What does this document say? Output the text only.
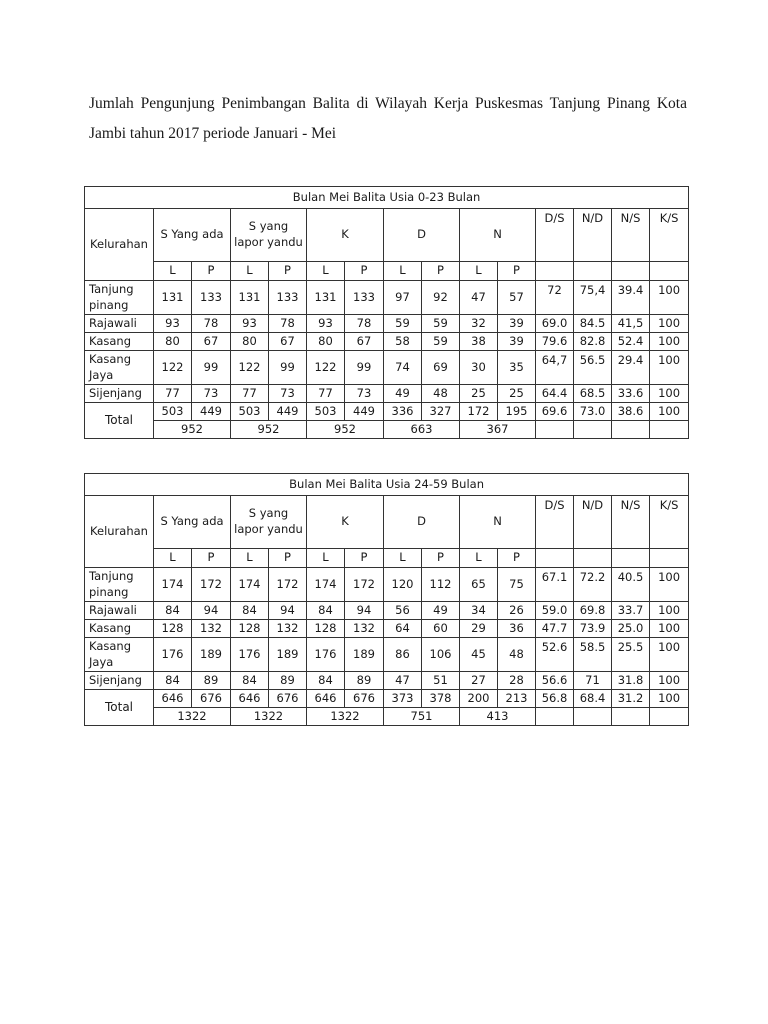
Jumlah Pengunjung Penimbangan Balita di Wilayah Kerja Puskesmas Tanjung Pinang Kota
Jambi tahun 2017 periode Januari - Mei
Bulan Mei Balita Usia 0-23 Bulan														
Kelurahan	S Yang ada		S yang lapor yandu		K		D		N		D/S	N/D	N/S	K/S
	L	P	L	P	L	P	L	P	L	P				
Tanjung pinang	131	133	131	133	131	133	97	92	47	57	72	75,4	39.4	100
Rajawali	93	78	93	78	93	78	59	59	32	39	69.0	84.5	41,5	100
Kasang	80	67	80	67	80	67	58	59	38	39	79.6	82.8	52.4	100
Kasang Jaya	122	99	122	99	122	99	74	69	30	35	64,7	56.5	29.4	100
Sijenjang	77	73	77	73	77	73	49	48	25	25	64.4	68.5	33.6	100
Total	503	449	503	449	503	449	336	327	172	195	69.6	73.0	38.6	100
	952		952		952		663		367					
Bulan Mei Balita Usia 24-59 Bulan														
Kelurahan	S Yang ada		S yang lapor yandu		K		D		N		D/S	N/D	N/S	K/S
	L	P	L	P	L	P	L	P	L	P				
Tanjung pinang	174	172	174	172	174	172	120	112	65	75	67.1	72.2	40.5	100
Rajawali	84	94	84	94	84	94	56	49	34	26	59.0	69.8	33.7	100
Kasang	128	132	128	132	128	132	64	60	29	36	47.7	73.9	25.0	100
Kasang Jaya	176	189	176	189	176	189	86	106	45	48	52.6	58.5	25.5	100
Sijenjang	84	89	84	89	84	89	47	51	27	28	56.6	71	31.8	100
Total	646	676	646	676	646	676	373	378	200	213	56.8	68.4	31.2	100
	1322		1322		1322		751		413					
